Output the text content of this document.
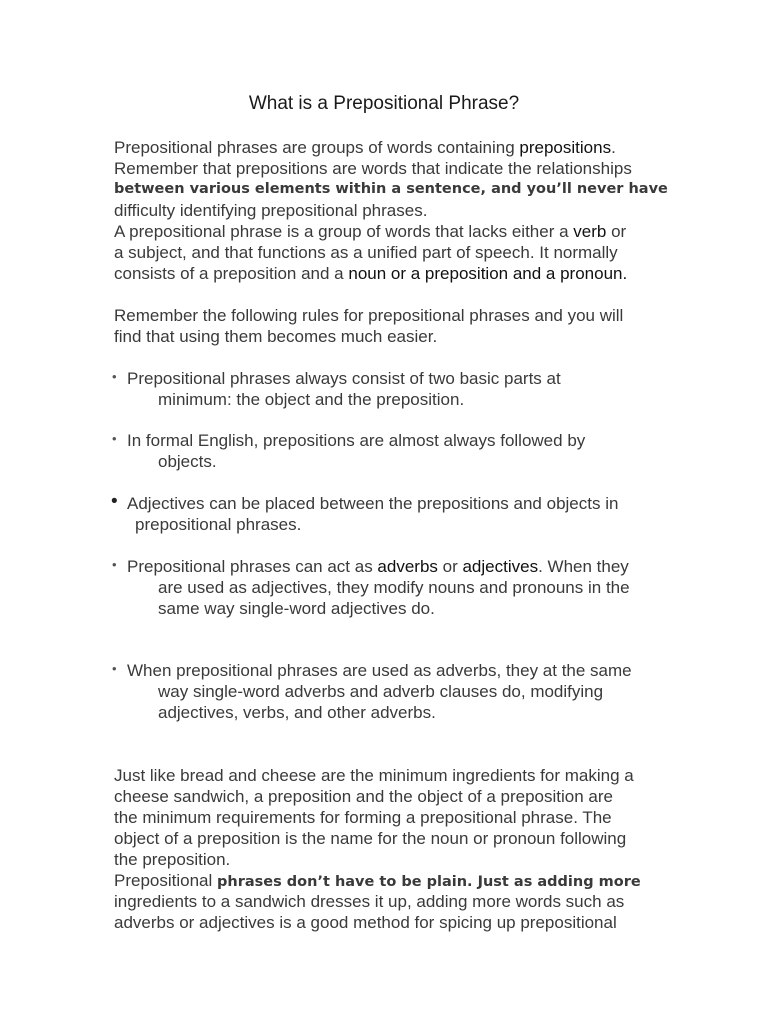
What is a Prepositional Phrase?
Prepositional phrases are groups of words containing prepositions.
Remember that prepositions are words that indicate the relationships
between various elements within a sentence, and you’ll never have
difficulty identifying prepositional phrases.
A prepositional phrase is a group of words that lacks either a verb or
a subject, and that functions as a unified part of speech. It normally
consists of a preposition and a noun or a preposition and a pronoun.
Remember the following rules for prepositional phrases and you will
find that using them becomes much easier.
• Prepositional phrases always consist of two basic parts at
minimum: the object and the preposition.
• In formal English, prepositions are almost always followed by
objects.
• Adjectives can be placed between the prepositions and objects in
prepositional phrases.
• Prepositional phrases can act as adverbs or adjectives. When they
are used as adjectives, they modify nouns and pronouns in the
same way single-word adjectives do.
• When prepositional phrases are used as adverbs, they at the same
way single-word adverbs and adverb clauses do, modifying
adjectives, verbs, and other adverbs.
Just like bread and cheese are the minimum ingredients for making a
cheese sandwich, a preposition and the object of a preposition are
the minimum requirements for forming a prepositional phrase. The
object of a preposition is the name for the noun or pronoun following
the preposition.
Prepositional phrases don’t have to be plain. Just as adding more
ingredients to a sandwich dresses it up, adding more words such as
adverbs or adjectives is a good method for spicing up prepositional
